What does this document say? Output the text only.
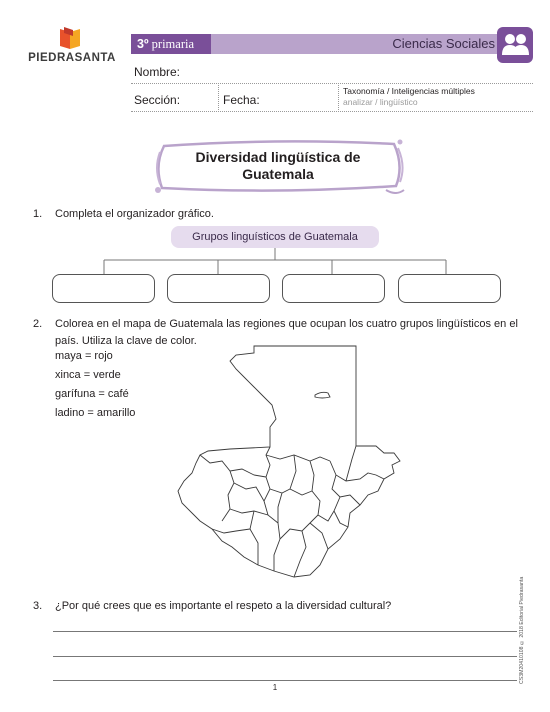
PIEDRASANTA
3º primaria	Ciencias Sociales
Nombre:
Sección:	Fecha:
Taxonomía / Inteligencias múltiples
analizar / lingüístico
Diversidad lingüística de
Guatemala
1. Completa el organizador gráfico.
Grupos linguísticos de Guatemala
2. Colorea en el mapa de Guatemala las regiones que ocupan los cuatro grupos lingüísticos en el
país. Utiliza la clave de color.
maya = rojo
xinca = verde
garífuna = café
ladino = amarillo
3. ¿Por qué crees que es importante el respeto a la diversidad cultural?	CS3M20410108 © 2018 Editorial Piedrasanta
1
